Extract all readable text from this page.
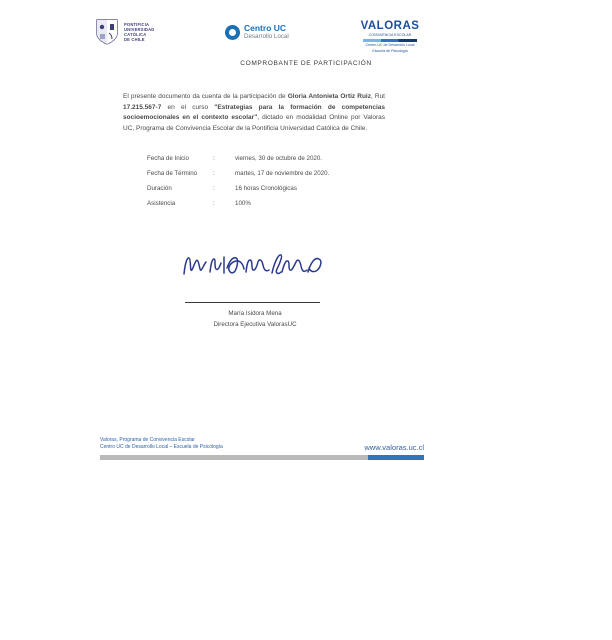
PONTIFICIA
UNIVERSIDAD
CATÓLICA
DE CHILE
Centro UC
Desarrollo Local
VALORAS
CONVIVENCIA ESCOLAR
Centro UC de Desarrollo Local
Escuela de Psicología
COMPROBANTE DE PARTICIPACIÓN
El presente documento da cuenta de la participación de Gloria Antonieta Ortiz Ruiz, Rut 17.215.567-7 en el curso "Estrategias para la formación de competencias socioemocionales en el contexto escolar", dictado en modalidad Online por Valoras UC, Programa de Convivencia Escolar de la Pontificia Universidad Católica de Chile.
Fecha de Inicio	:	viernes, 30 de octubre de 2020.
Fecha de Término	:	martes, 17 de noviembre de 2020.
Duración	:	16 horas Cronológicas
Asistencia	:	100%
María Isidora Mena
Directora Ejecutiva ValorasUC
Valoras, Programa de Convivencia Escolar
Centro UC de Desarrollo Local – Escuela de Psicología	www.valoras.uc.cl
